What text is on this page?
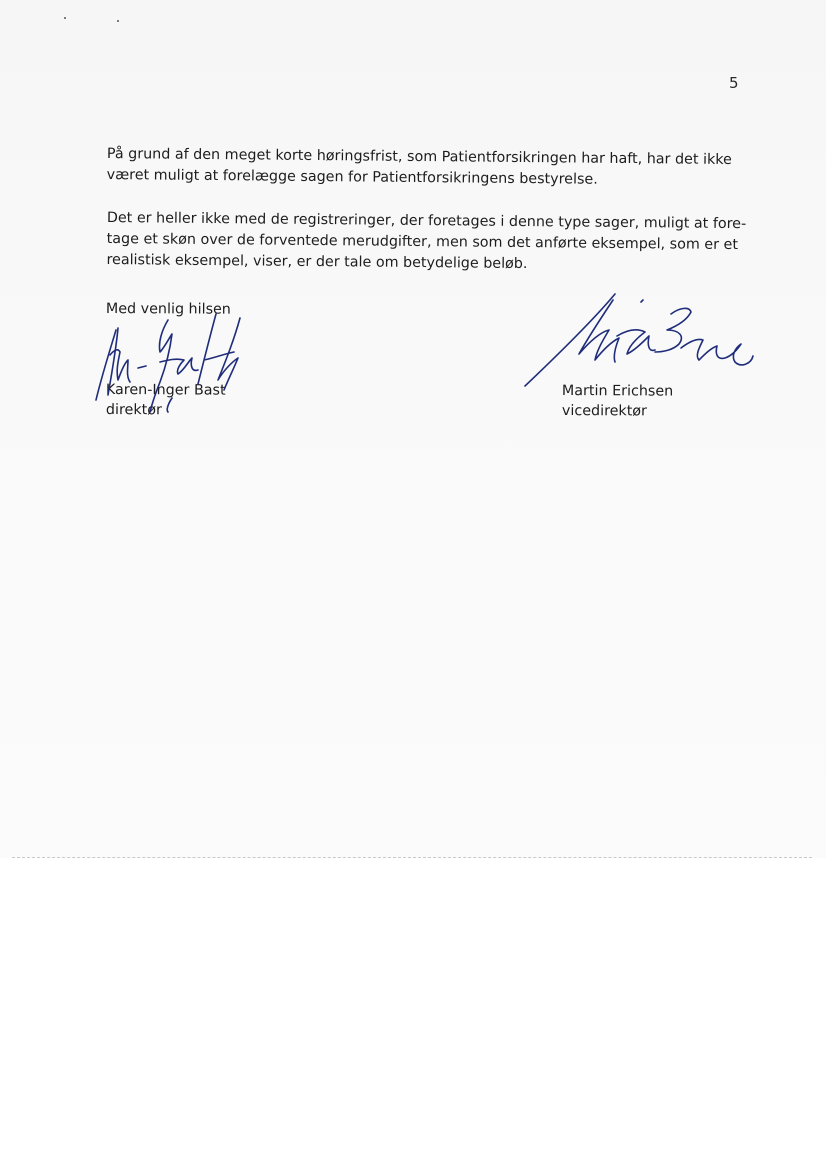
5
På grund af den meget korte høringsfrist, som Patientforsikringen har haft, har det ikke
været muligt at forelægge sagen for Patientforsikringens bestyrelse.
Det er heller ikke med de registreringer, der foretages i denne type sager, muligt at fore-
tage et skøn over de forventede merudgifter, men som det anførte eksempel, som er et
realistisk eksempel, viser, er der tale om betydelige beløb.
Med venlig hilsen
Karen-Inger Bast
direktør
Martin Erichsen
vicedirektør
